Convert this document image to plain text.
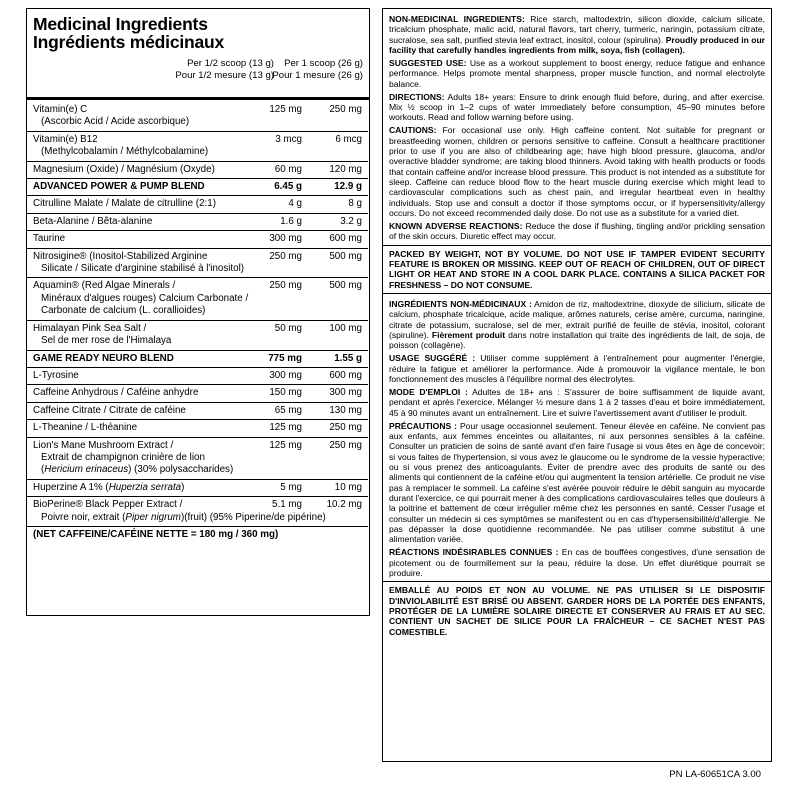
Medicinal Ingredients
Ingrédients médicinaux
Per 1/2 scoop (13 g)
Pour 1/2 mesure (13 g)
Per 1 scoop (26 g)
Pour 1 mesure (26 g)
Vitamin(e) C
(Ascorbic Acid / Acide ascorbique)
125 mg	250 mg
Vitamin(e) B12
(Methylcobalamin / Méthylcobalamine)
3 mcg	6 mcg
Magnesium (Oxide) / Magnésium (Oxyde)	60 mg	120 mg
ADVANCED POWER & PUMP BLEND	6.45 g	12.9 g
Citrulline Malate / Malate de citrulline (2:1)	4 g	8 g
Beta-Alanine / Bêta-alanine	1.6 g	3.2 g
Taurine	300 mg	600 mg
Nitrosigine® (Inositol-Stabilized Arginine
Silicate / Silicate d'arginine stabilisé à l'inositol)
250 mg	500 mg
Aquamin® (Red Algae Minerals /
Minéraux d'algues rouges) Calcium Carbonate /
Carbonate de calcium (L. corallioides)
250 mg	500 mg
Himalayan Pink Sea Salt /
Sel de mer rose de l'Himalaya
50 mg	100 mg
GAME READY NEURO BLEND	775 mg	1.55 g
L-Tyrosine	300 mg	600 mg
Caffeine Anhydrous / Caféine anhydre	150 mg	300 mg
Caffeine Citrate / Citrate de caféine	65 mg	130 mg
L-Theanine / L-théanine	125 mg	250 mg
Lion's Mane Mushroom Extract /
Extrait de champignon crinière de lion
(Hericium erinaceus) (30% polysaccharides)
125 mg	250 mg
Huperzine A 1% (Huperzia serrata)	5 mg	10 mg
BioPerine® Black Pepper Extract /
Poivre noir, extrait (Piper nigrum)(fruit) (95% Piperine/de pipérine)
5.1 mg	10.2 mg
(NET CAFFEINE/CAFÉINE NETTE = 180 mg / 360 mg)

NON-MEDICINAL INGREDIENTS: Rice starch, maltodextrin, silicon dioxide, calcium silicate, tricalcium phosphate, malic acid, natural flavors, tart cherry, turmeric, naringin, potassium citrate, sucralose, sea salt, purified stevia leaf extract, inositol, colour (spirulina). Proudly produced in our facility that carefully handles ingredients from milk, soya, fish (collagen).

SUGGESTED USE: Use as a workout supplement to boost energy, reduce fatigue and enhance performance. Helps promote mental sharpness, proper muscle function, and normal electrolyte balance.

DIRECTIONS: Adults 18+ years: Ensure to drink enough fluid before, during, and after exercise. Mix ½ scoop in 1–2 cups of water immediately before consumption, 45–90 minutes before workouts. Read and follow warning before using.

CAUTIONS: For occasional use only. High caffeine content. Not suitable for pregnant or breastfeeding women, children or persons sensitive to caffeine. Consult a healthcare practitioner prior to use if you are also of childbearing age; have high blood pressure, glaucoma, and/or overactive bladder syndrome; are taking blood thinners. Avoid taking with health products or foods that contain caffeine and/or increase blood pressure. This product is not intended as a substitute for sleep. Caffeine can reduce blood flow to the heart muscle during exercise which might lead to cardiovascular complications such as chest pain, and irregular heartbeat even in healthy individuals. Stop use and consult a doctor if those symptoms occur, or if hypersensitivity/allergy occurs. Do not exceed recommended daily dose. Do not use as a substitute for a varied diet.

KNOWN ADVERSE REACTIONS: Reduce the dose if flushing, tingling and/or prickling sensation of the skin occurs. Diuretic effect may occur.

PACKED BY WEIGHT, NOT BY VOLUME. DO NOT USE IF TAMPER EVIDENT SECURITY FEATURE IS BROKEN OR MISSING. KEEP OUT OF REACH OF CHILDREN, OUT OF DIRECT LIGHT OR HEAT AND STORE IN A COOL DARK PLACE. CONTAINS A SILICA PACKET FOR FRESHNESS – DO NOT CONSUME.

INGRÉDIENTS NON-MÉDICINAUX : Amidon de riz, maltodextrine, dioxyde de silicium, silicate de calcium, phosphate tricalcique, acide malique, arômes naturels, cerise amère, curcuma, naringine, citrate de potassium, sucralose, sel de mer, extrait purifié de feuille de stévia, inositol, colorant (spiruline). Fièrement produit dans notre installation qui traite des ingrédients de lait, de soja, de poisson (collagène).

USAGE SUGGÉRÉ : Utiliser comme supplément à l'entraînement pour augmenter l'énergie, réduire la fatigue et améliorer la performance. Aide à promouvoir la vigilance mentale, le bon fonctionnement des muscles à l'équilibre normal des électrolytes.

MODE D'EMPLOI : Adultes de 18+ ans : S'assurer de boire suffisamment de liquide avant, pendant et après l'exercice. Mélanger ½ mesure dans 1 à 2 tasses d'eau et boire immédiatement, 45 à 90 minutes avant un entraînement. Lire et suivre l'avertissement avant d'utiliser le produit.

PRÉCAUTIONS : Pour usage occasionnel seulement. Teneur élevée en caféine. Ne convient pas aux enfants, aux femmes enceintes ou allaitantes, ni aux personnes sensibles à la caféine. Consulter un praticien de soins de santé avant d'en faire l'usage si vous êtes en âge de concevoir; si vous faites de l'hypertension, si vous avez le glaucome ou le syndrome de la vessie hyperactive; ou si vous prenez des anticoagulants. Éviter de prendre avec des produits de santé ou des aliments qui contiennent de la caféine et/ou qui augmentent la tension artérielle. Ce produit ne vise pas à remplacer le sommeil. La caféine s'est avérée pouvoir réduire le débit sanguin au myocarde durant l'exercice, ce qui pourrait mener à des complications cardiovasculaires telles que douleurs à la poitrine et battement de cœur irrégulier même chez les personnes en santé. Cesser l'usage et consulter un médecin si ces symptômes se manifestent ou en cas d'hypersensibilité/d'allergie. Ne pas dépasser la dose quotidienne recommandée. Ne pas utiliser comme substitut à une alimentation variée.

RÉACTIONS INDÉSIRABLES CONNUES : En cas de bouffées congestives, d'une sensation de picotement ou de fourmillement sur la peau, réduire la dose. Un effet diurétique pourrait se produire.

EMBALLÉ AU POIDS ET NON AU VOLUME. NE PAS UTILISER SI LE DISPOSITIF D'INVIOLABILITÉ EST BRISÉ OU ABSENT. GARDER HORS DE LA PORTÉE DES ENFANTS, PROTÉGER DE LA LUMIÈRE SOLAIRE DIRECTE ET CONSERVER AU FRAIS ET AU SEC. CONTIENT UN SACHET DE SILICE POUR LA FRAÎCHEUR – CE SACHET N'EST PAS COMESTIBLE.

PN LA-60651CA 3.00
